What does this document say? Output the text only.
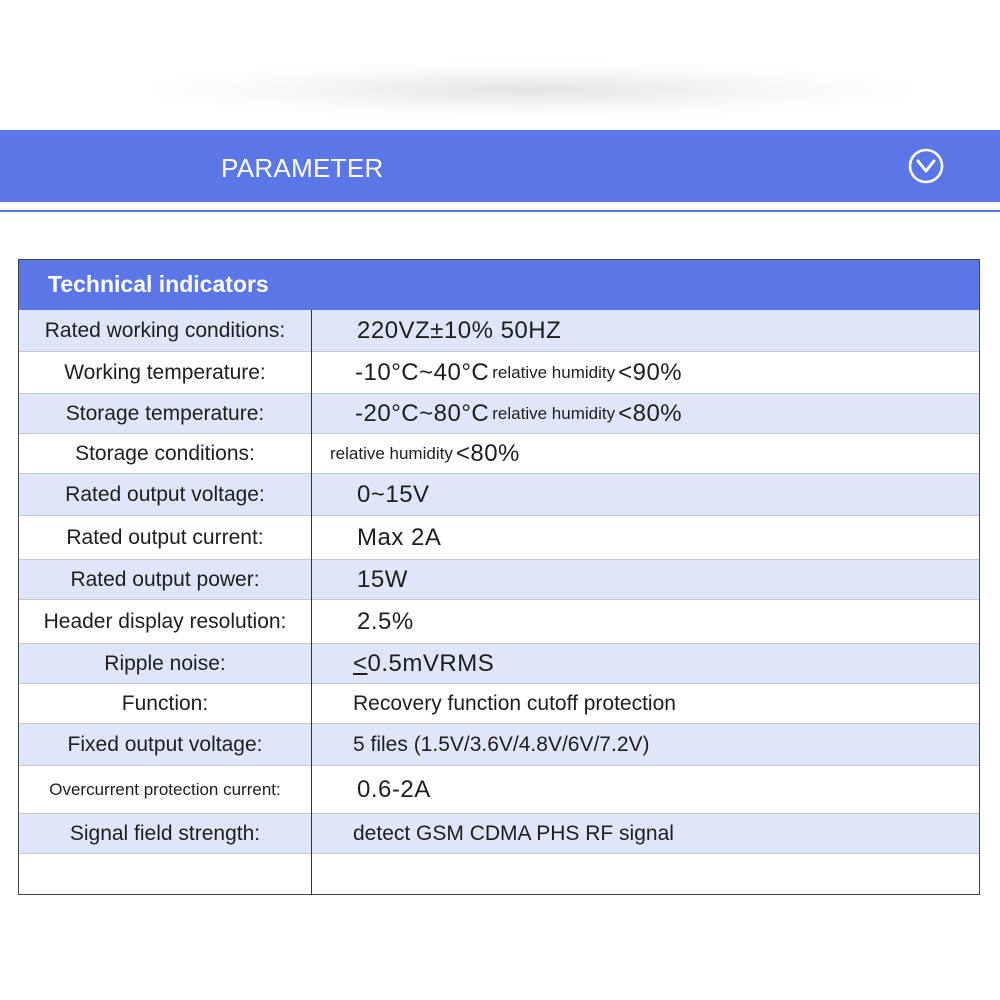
PARAMETER
Technical indicators
Rated working conditions:	220VZ±10% 50HZ
Working temperature:	-10°C~40°C relative humidity <90%
Storage temperature:	-20°C~80°C relative humidity <80%
Storage conditions:	relative humidity <80%
Rated output voltage:	0~15V
Rated output current:	Max 2A
Rated output power:	15W
Header display resolution:	2.5%
Ripple noise:	< 0.5mVRMS
Function:	Recovery function cutoff protection
Fixed output voltage:	5 files (1.5V/3.6V/4.8V/6V/7.2V)
Overcurrent protection current:	0.6-2A
Signal field strength:	detect GSM CDMA PHS RF signal
